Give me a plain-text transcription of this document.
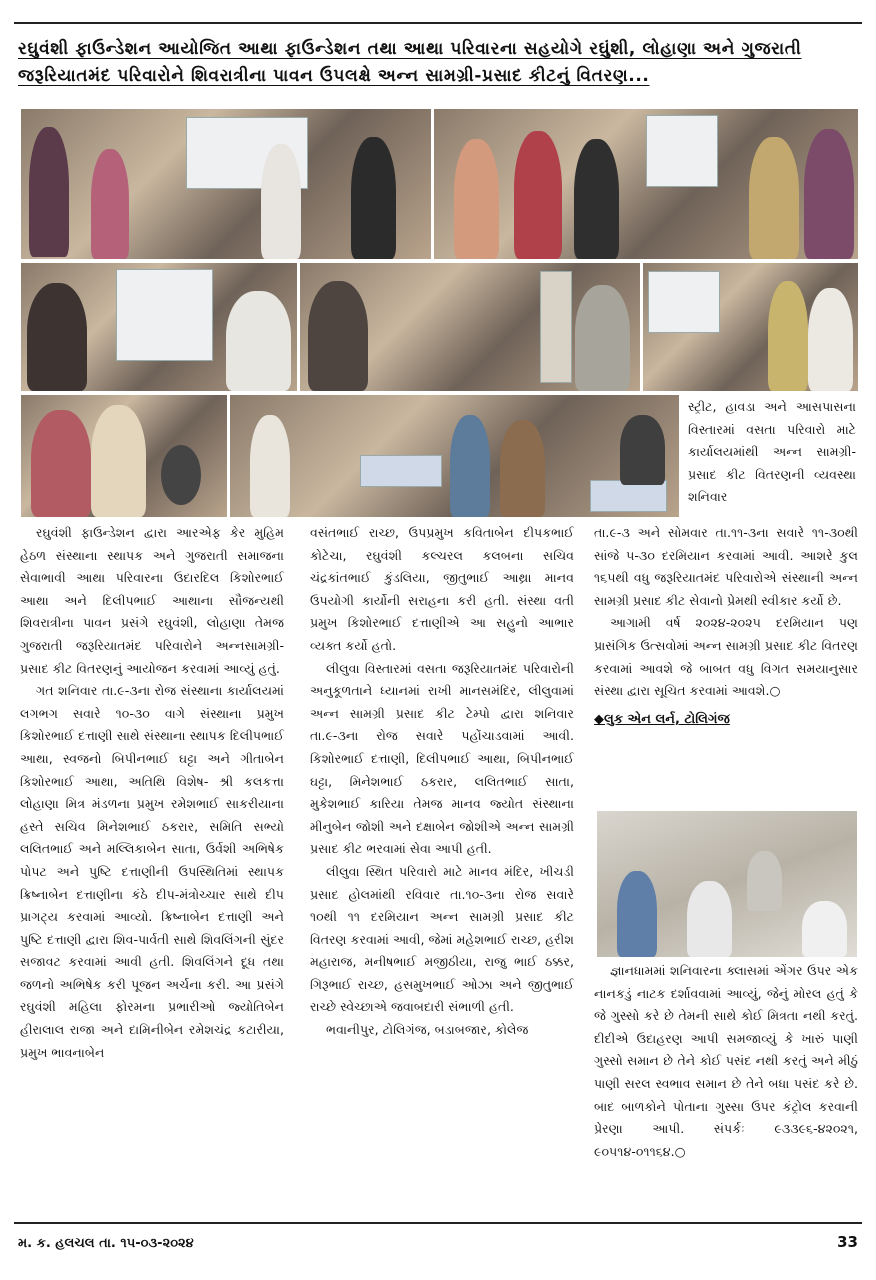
રઘુવંશી ફાઉન્ડેશન આયોજિત આથા ફાઉન્ડેશન તથા આથા પરિવારના સહયોગે રઘુંશી, લોહાણા અને ગુજરાતી
જરૂરિયાતમંદ પરિવારોને શિવરાત્રીના પાવન ઉપલક્ષે અન્ન સામગ્રી-પ્રસાદ કીટનું વિતરણ...

સ્ટ્રીટ, હાવડા અને આસપાસના વિસ્તારમાં વસતા પરિવારો માટે કાર્યાલયમાંથી અન્ન સામગ્રી-પ્રસાદ કીટ વિતરણની વ્યવસ્થા શનિવાર

રઘુવંશી ફાઉન્ડેશન દ્વારા આરએફ કેર મુહિમ હેઠળ સંસ્થાના સ્થાપક અને ગુજરાતી સમાજના સેવાભાવી આથા પરિવારના ઉદારદિલ કિશોરભાઈ આથા અને દિલીપભાઈ આથાના સૌજન્યથી શિવરાત્રીના પાવન પ્રસંગે રઘુવંશી, લોહાણા તેમજ ગુજરાતી જરૂરિયાતમંદ પરિવારોને અન્નસામગ્રી-પ્રસાદ કીટ વિતરણનું આયોજન કરવામાં આવ્યું હતું.

ગત શનિવાર તા.૯-૩ના રોજ સંસ્થાના કાર્યાલયમાં લગભગ સવારે ૧૦-૩૦ વાગે સંસ્થાના પ્રમુખ કિશોરભાઈ દત્તાણી સાથે સંસ્થાના સ્થાપક દિલીપભાઈ આથા, સ્વજનો બિપીનભાઈ ઘટ્ટા અને ગીતાબેન કિશોરભાઈ આથા, અતિથિ વિશેષ- શ્રી કલકત્તા લોહાણા મિત્ર મંડળના પ્રમુખ રમેશભાઈ સાકરીયાના હસ્તે સચિવ મિનેશભાઈ ઠકરાર, સમિતિ સભ્યો લલિતભાઈ અને મલ્લિકાબેન સાતા, ઉર્વશી અભિષેક પોપટ અને પુષ્ટિ દત્તાણીની ઉપસ્થિતિમાં સ્થાપક ક્રિષ્નાબેન દત્તાણીના કંઠે દીપ-મંત્રોચ્ચાર સાથે દીપ પ્રાગટ્ય કરવામાં આવ્યો. ક્રિષ્નાબેન દત્તાણી અને પુષ્ટિ દત્તાણી દ્વારા શિવ-પાર્વતી સાથે શિવલિંગની સુંદર સજાવટ કરવામાં આવી હતી. શિવલિંગને દૂધ તથા જળનો અભિષેક કરી પૂજન અર્ચના કરી. આ પ્રસંગે રઘુવંશી મહિલા ફોરમના પ્રભારીઓ જ્યોતિબેન હીરાલાલ રાજા અને દામિનીબેન રમેશચંદ્ર કટારીયા, પ્રમુખ ભાવનાબેન

વસંતભાઈ રાચ્છ, ઉપપ્રમુખ કવિતાબેન દીપકભાઈ કોટેચા, રઘુવંશી કલ્ચરલ કલબના સચિવ ચંદ્રકાંતભાઈ કુંડલિયા, જીતુભાઈ આથ્રા માનવ ઉપયોગી કાર્યોની સરાહના કરી હતી. સંસ્થા વતી પ્રમુખ કિશોરભાઈ દત્તાણીએ આ સહુનો આભાર વ્યક્ત કર્યો હતો.

લીલુવા વિસ્તારમાં વસતા જરૂરિયાતમંદ પરિવારોની અનુકૂળતાને ધ્યાનમાં રાખી માનસમંદિર, લીલુવામાં અન્ન સામગ્રી પ્રસાદ કીટ ટેમ્પો દ્વારા શનિવાર તા.૯-૩ના રોજ સવારે પહોંચાડવામાં આવી. કિશોરભાઈ દત્તાણી, દિલીપભાઈ આથા, બિપીનભાઈ ઘટ્ટા, મિનેશભાઈ ઠકરાર, લલિતભાઈ સાતા, મુકેશભાઈ કારિયા તેમજ માનવ જ્યોત સંસ્થાના મીનુબેન જોશી અને દક્ષાબેન જોશીએ અન્ન સામગ્રી પ્રસાદ કીટ ભરવામાં સેવા આપી હતી.

લીલુવા સ્થિત પરિવારો માટે માનવ મંદિર, ખીચડી પ્રસાદ હોલમાંથી રવિવાર તા.૧૦-૩ના રોજ સવારે ૧૦થી ૧૧ દરમિયાન અન્ન સામગ્રી પ્રસાદ કીટ વિતરણ કરવામાં આવી, જેમાં મહેશભાઈ રાચ્છ, હરીશ મહારાજ, મનીષભાઈ મજીઠીયા, રાજુ ભાઈ ઠક્કર, ગિરૂભાઈ રાચ્છ, હસમુખભાઈ ઓઝા અને જીતુભાઈ રાચ્છે સ્વેચ્છાએ જવાબદારી સંભાળી હતી.

ભવાનીપુર, ટોલિગંજ, બડાબજાર, કોલેજ

તા.૯-૩ અને સોમવાર તા.૧૧-૩ના સવારે ૧૧-૩૦થી સાંજે ૫-૩૦ દરમિયાન કરવામાં આવી. આશરે કુલ ૧૬૫થી વધુ જરૂરિયાતમંદ પરિવારોએ સંસ્થાની અન્ન સામગ્રી પ્રસાદ કીટ સેવાનો પ્રેમથી સ્વીકાર કર્યો છે.

આગામી વર્ષ ૨૦૨૪-૨૦૨૫ દરમિયાન પણ પ્રાસંગિક ઉત્સવોમાં અન્ન સામગ્રી પ્રસાદ કીટ વિતરણ કરવામાં આવશે જે બાબત વધુ વિગત સમયાનુસાર સંસ્થા દ્વારા સૂચિત કરવામાં આવશે.○

◆લુક એન લર્ન, ટોલિગંજ

જ્ઞાનધામમાં શનિવારના ક્લાસમાં એંગર ઉપર એક નાનકડું નાટક દર્શાવવામાં આવ્યું, જેનું મોરલ હતું કે જે ગુસ્સો કરે છે તેમની સાથે કોઈ મિત્રતા નથી કરતું. દીદીએ ઉદાહરણ આપી સમજાવ્યું કે ખારું પાણી ગુસ્સો સમાન છે તેને કોઈ પસંદ નથી કરતું અને મીઠું પાણી સરલ સ્વભાવ સમાન છે તેને બધા પસંદ કરે છે. બાદ બાળકોને પોતાના ગુસ્સા ઉપર કંટ્રોલ કરવાની પ્રેરણા આપી. સંપર્કઃ ૯૩૩૯૬-૪૨૦૨૧, ૯૦૫૧૪-૦૧૧૬૪.○

મ. ક. હલચલ તા. ૧૫-૦૩-૨૦૨૪	33
